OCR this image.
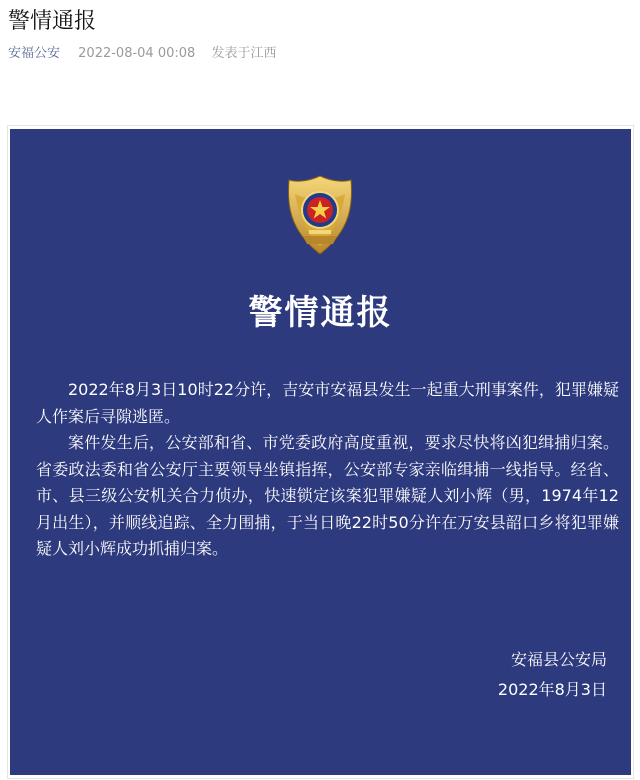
警情通报
安福公安 2022-08-04 00:08 发表于江西
警情通报

2022年8月3日10时22分许，吉安市安福县发生一起重大刑事案件，犯罪嫌疑人作案后寻隙逃匿。

案件发生后，公安部和省、市党委政府高度重视，要求尽快将凶犯缉捕归案。省委政法委和省公安厅主要领导坐镇指挥，公安部专家亲临缉捕一线指导。经省、市、县三级公安机关合力侦办，快速锁定该案犯罪嫌疑人刘小辉（男，1974年12月出生），并顺线追踪、全力围捕，于当日晚22时50分许在万安县韶口乡将犯罪嫌疑人刘小辉成功抓捕归案。

安福县公安局
2022年8月3日
